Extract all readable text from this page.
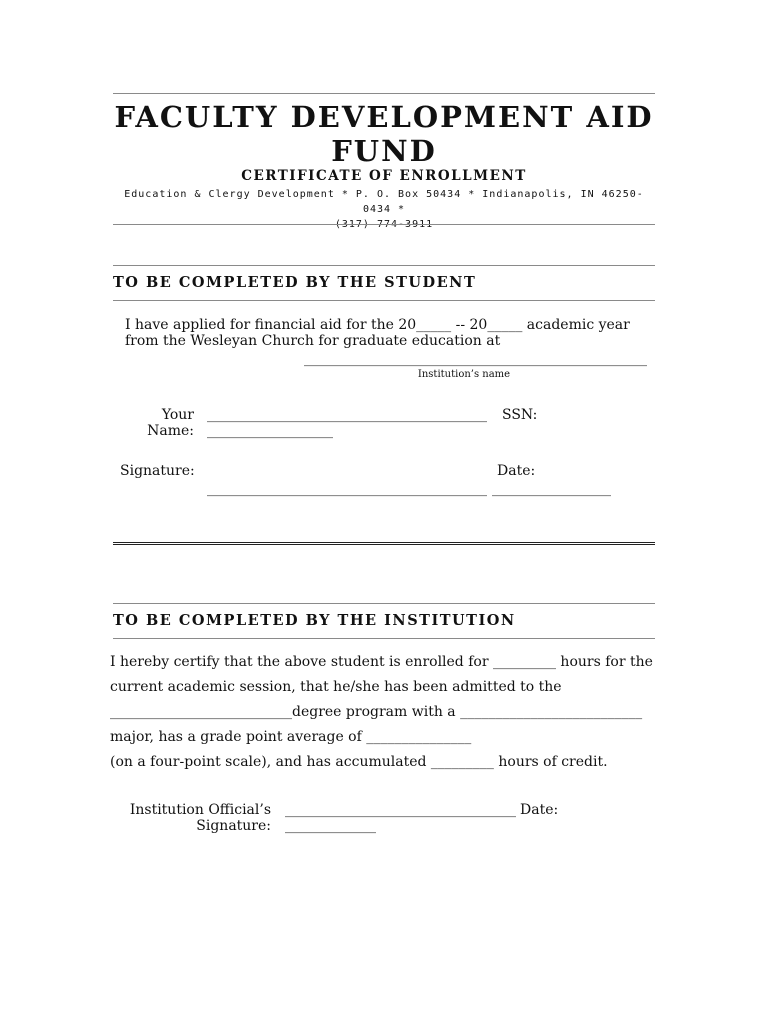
FACULTY DEVELOPMENT AID FUND
CERTIFICATE OF ENROLLMENT
Education & Clergy Development * P. O. Box 50434 * Indianapolis, IN 46250-0434 *
(317) 774-3911
TO BE COMPLETED BY THE STUDENT
I have applied for financial aid for the 20_____ -- 20_____ academic year
from the Wesleyan Church for graduate education at
_________________________________________________
Institution’s name
Your
Name:
________________________________________
__________________
SSN:
Signature:	Date:
________________________________________ _________________
TO BE COMPLETED BY THE INSTITUTION
I hereby certify that the above student is enrolled for _________ hours for the
current academic session, that he/she has been admitted to the
__________________________degree program with a __________________________
major, has a grade point average of _______________
(on a four-point scale), and has accumulated _________ hours of credit.
Institution Official’s
Signature:
_________________________________
_____________
Date:
